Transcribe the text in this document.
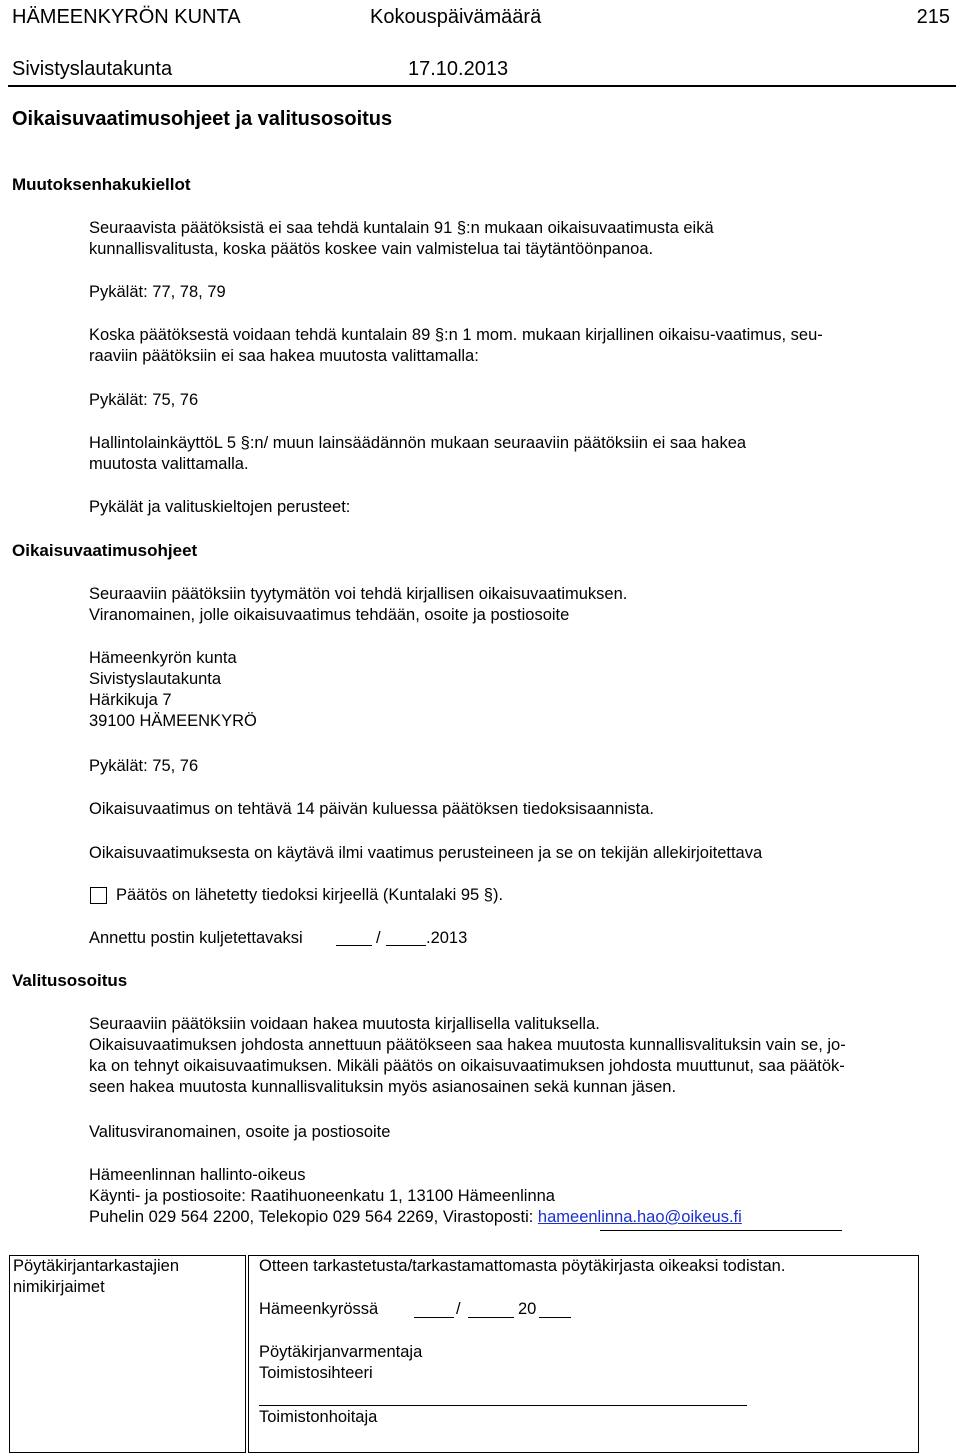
HÄMEENKYRÖN KUNTA	Kokouspäivämäärä	215
Sivistyslautakunta	17.10.2013
Oikaisuvaatimusohjeet ja valitusosoitus
Muutoksenhakukiellot
Seuraavista päätöksistä ei saa tehdä kuntalain 91 §:n mukaan oikaisuvaatimusta eikä
kunnallisvalitusta, koska päätös koskee vain valmistelua tai täytäntöönpanoa.
Pykälät: 77, 78, 79
Koska päätöksestä voidaan tehdä kuntalain 89 §:n 1 mom. mukaan kirjallinen oikaisu-vaatimus, seu-
raaviin päätöksiin ei saa hakea muutosta valittamalla:
Pykälät: 75, 76
HallintolainkäyttöL 5 §:n/ muun lainsäädännön mukaan seuraaviin päätöksiin ei saa hakea
muutosta valittamalla.
Pykälät ja valituskieltojen perusteet:
Oikaisuvaatimusohjeet
Seuraaviin päätöksiin tyytymätön voi tehdä kirjallisen oikaisuvaatimuksen.
Viranomainen, jolle oikaisuvaatimus tehdään, osoite ja postiosoite
Hämeenkyrön kunta
Sivistyslautakunta
Härkikuja 7
39100 HÄMEENKYRÖ
Pykälät: 75, 76
Oikaisuvaatimus on tehtävä 14 päivän kuluessa päätöksen tiedoksisaannista.
Oikaisuvaatimuksesta on käytävä ilmi vaatimus perusteineen ja se on tekijän allekirjoitettava
Päätös on lähetetty tiedoksi kirjeellä (Kuntalaki 95 §).
Annettu postin kuljetettavaksi	/	.2013
Valitusosoitus
Seuraaviin päätöksiin voidaan hakea muutosta kirjallisella valituksella.
Oikaisuvaatimuksen johdosta annettuun päätökseen saa hakea muutosta kunnallisvalituksin vain se, jo-
ka on tehnyt oikaisuvaatimuksen. Mikäli päätös on oikaisuvaatimuksen johdosta muuttunut, saa päätök-
seen hakea muutosta kunnallisvalituksin myös asianosainen sekä kunnan jäsen.
Valitusviranomainen, osoite ja postiosoite
Hämeenlinnan hallinto-oikeus
Käynti- ja postiosoite: Raatihuoneenkatu 1, 13100 Hämeenlinna
Puhelin 029 564 2200, Telekopio 029 564 2269, Virastoposti: hameenlinna.hao@oikeus.fi
Pöytäkirjantarkastajien
nimikirjaimet
Otteen tarkastetusta/tarkastamattomasta pöytäkirjasta oikeaksi todistan.
Hämeenkyrössä	/	20
Pöytäkirjanvarmentaja
Toimistosihteeri
Toimistonhoitaja
